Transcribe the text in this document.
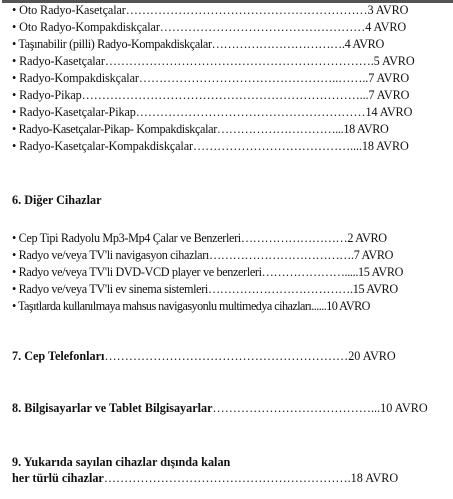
• Oto Radyo-Kasetçalar……………………………………………………3 AVRO
• Oto Radyo-Kompakdiskçalar……………………………………………4 AVRO
• Taşınabilir (pilli) Radyo-Kompakdiskçalar…………………………….4 AVRO
• Radyo-Kasetçalar………………………………………………………….5 AVRO
• Radyo-Kompakdiskçalar…………………………………………..……..7 AVRO
• Radyo-Pikap……………………………………………………………...7 AVRO
• Radyo-Kasetçalar-Pikap…………………………………………………14 AVRO
• Radyo-Kasetçalar-Pikap- Kompakdiskçalar…………………………...18 AVRO
• Radyo-Kasetçalar-Kompakdiskçalar…………………………………....18 AVRO
6. Diğer Cihazlar
• Cep Tipi Radyolu Mp3-Mp4 Çalar ve Benzerleri………………………2 AVRO
• Radyo ve/veya TV'li navigasyon cihazları……………………………….7 AVRO
• Radyo ve/veya TV'li DVD-VCD player ve benzerleri………………….....15 AVRO
• Radyo ve/veya TV'li ev sinema sistemleri……………………………….15 AVRO
• Taşıtlarda kullanılmaya mahsus navigasyonlu multimedya cihazları......10 AVRO
7. Cep Telefonları……………………………………………………20 AVRO
8. Bilgisayarlar ve Tablet Bilgisayarlar…………………………………...10 AVRO
9. Yukarıda sayılan cihazlar dışında kalan
her türlü cihazlar…………………………………………………….18 AVRO
